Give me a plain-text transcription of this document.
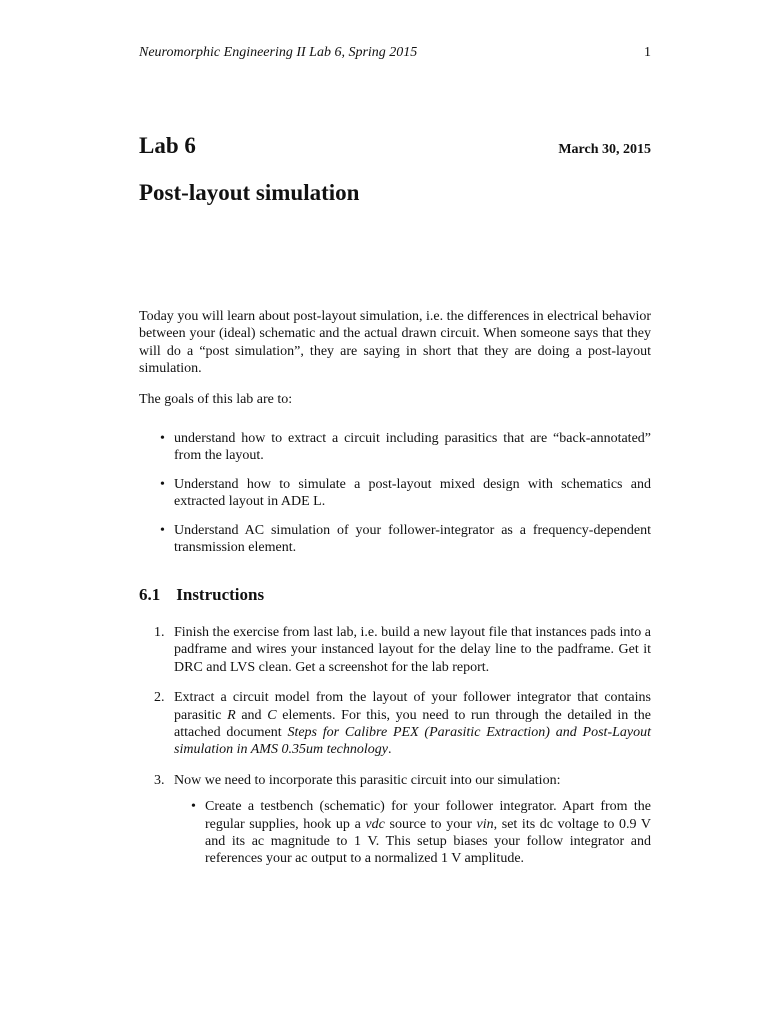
Neuromorphic Engineering II Lab 6, Spring 2015	1
Lab 6	March 30, 2015
Post-layout simulation

Today you will learn about post-layout simulation, i.e. the differences in electrical behavior between your (ideal) schematic and the actual drawn circuit. When someone says that they will do a “post simulation”, they are saying in short that they are doing a post-layout simulation.

The goals of this lab are to:

• understand how to extract a circuit including parasitics that are “back-annotated” from the layout.
• Understand how to simulate a post-layout mixed design with schematics and extracted layout in ADE L.
• Understand AC simulation of your follower-integrator as a frequency-dependent transmission element.
6.1 Instructions
1. Finish the exercise from last lab, i.e. build a new layout file that instances pads into a padframe and wires your instanced layout for the delay line to the padframe. Get it DRC and LVS clean. Get a screenshot for the lab report.
2. Extract a circuit model from the layout of your follower integrator that contains parasitic R and C elements. For this, you need to run through the detailed in the attached document Steps for Calibre PEX (Parasitic Extraction) and Post-Layout simulation in AMS 0.35um technology.
3. Now we need to incorporate this parasitic circuit into our simulation:
• Create a testbench (schematic) for your follower integrator. Apart from the regular supplies, hook up a vdc source to your vin, set its dc voltage to 0.9 V and its ac magnitude to 1 V. This setup biases your follow integrator and references your ac output to a normalized 1 V amplitude.
